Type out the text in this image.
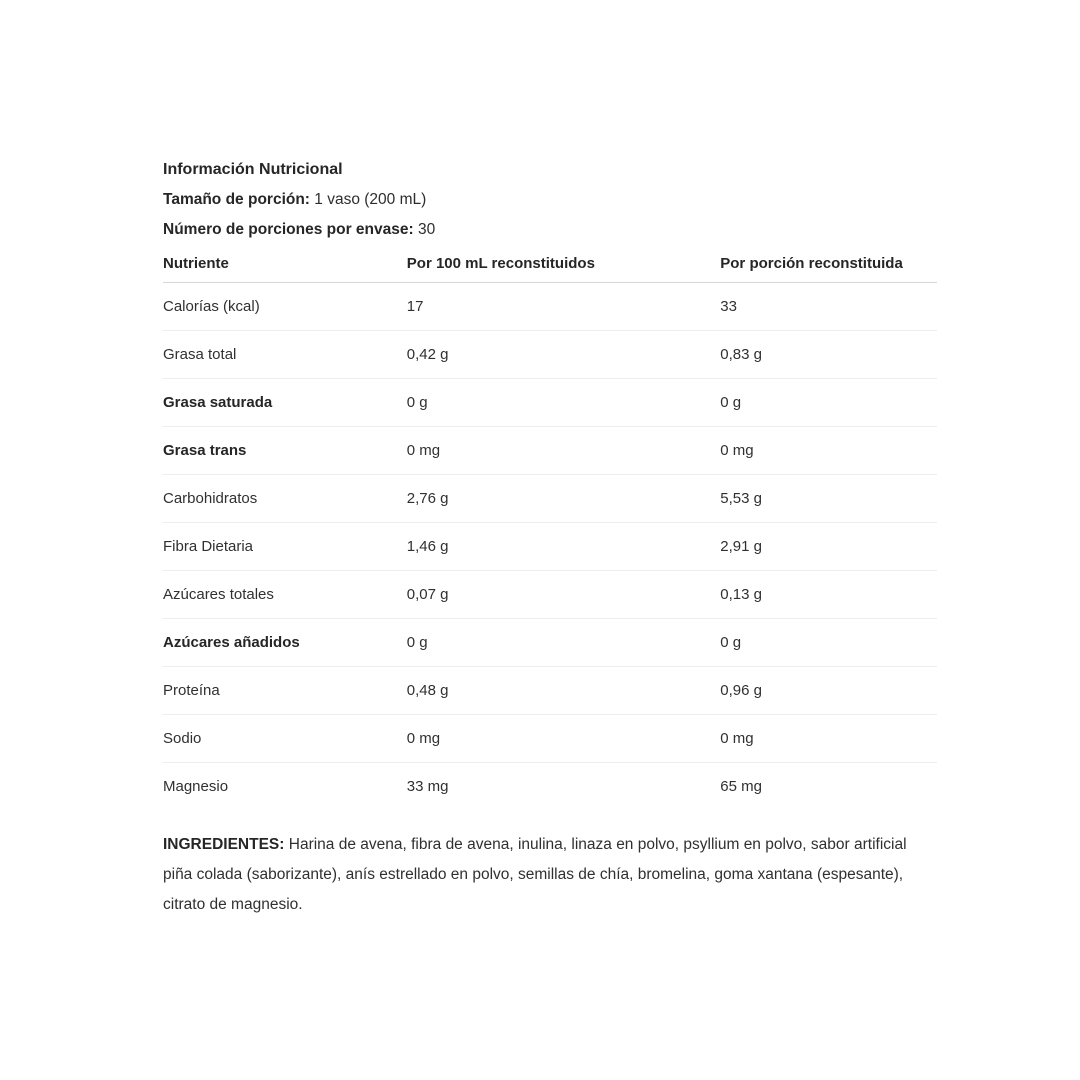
Información Nutricional

Tamaño de porción: 1 vaso (200 mL)

Número de porciones por envase: 30

Nutriente	Por 100 mL reconstituidos	Por porción reconstituida
Calorías (kcal)	17	33
Grasa total	0,42 g	0,83 g
Grasa saturada	0 g	0 g
Grasa trans	0 mg	0 mg
Carbohidratos	2,76 g	5,53 g
Fibra Dietaria	1,46 g	2,91 g
Azúcares totales	0,07 g	0,13 g
Azúcares añadidos	0 g	0 g
Proteína	0,48 g	0,96 g
Sodio	0 mg	0 mg
Magnesio	33 mg	65 mg

INGREDIENTES: Harina de avena, fibra de avena, inulina, linaza en polvo, psyllium en polvo, sabor artificial piña colada (saborizante), anís estrellado en polvo, semillas de chía, bromelina, goma xantana (espesante), citrato de magnesio.
